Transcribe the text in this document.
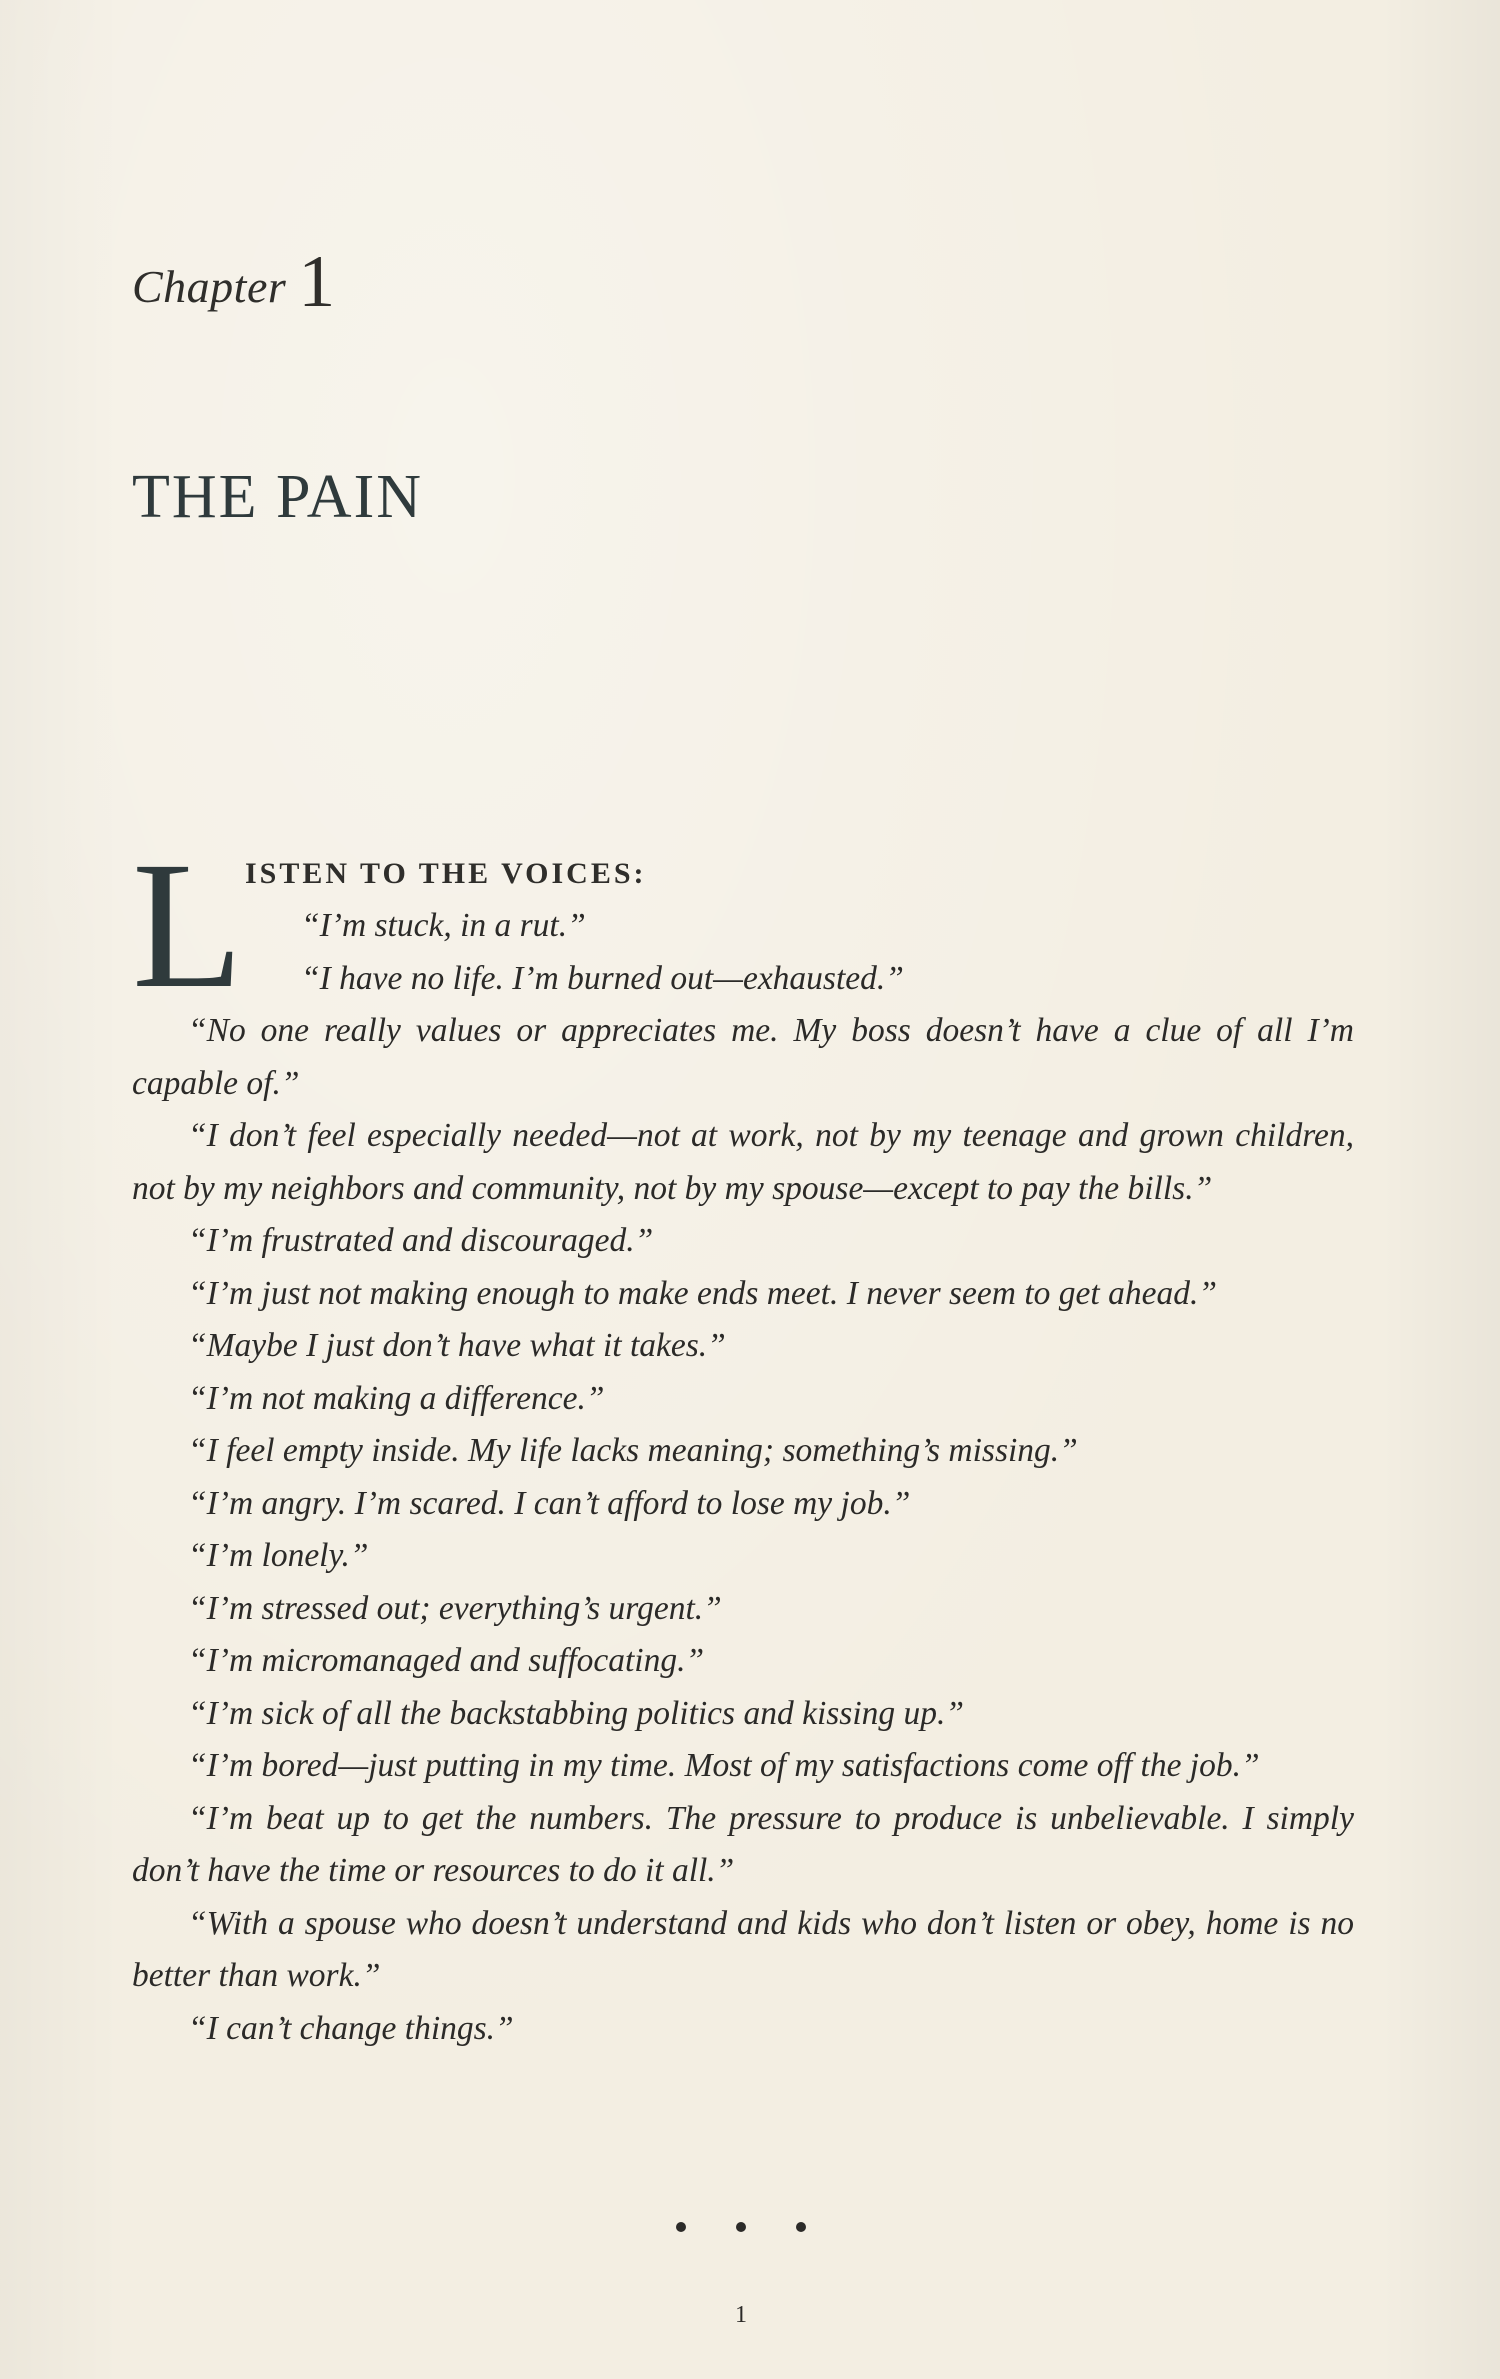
Chapter 1
THE PAIN
L ISTEN TO THE VOICES:

“I’m stuck, in a rut.”

“I have no life. I’m burned out—exhausted.”

“No one really values or appreciates me. My boss doesn’t have a clue of all I’m capable of.”

“I don’t feel especially needed—not at work, not by my teenage and grown children, not by my neighbors and community, not by my spouse—except to pay the bills.”

“I’m frustrated and discouraged.”

“I’m just not making enough to make ends meet. I never seem to get ahead.”

“Maybe I just don’t have what it takes.”

“I’m not making a difference.”

“I feel empty inside. My life lacks meaning; something’s missing.”

“I’m angry. I’m scared. I can’t afford to lose my job.”

“I’m lonely.”

“I’m stressed out; everything’s urgent.”

“I’m micromanaged and suffocating.”

“I’m sick of all the backstabbing politics and kissing up.”

“I’m bored—just putting in my time. Most of my satisfactions come off the job.”

“I’m beat up to get the numbers. The pressure to produce is unbelievable. I simply don’t have the time or resources to do it all.”

“With a spouse who doesn’t understand and kids who don’t listen or obey, home is no better than work.”

“I can’t change things.”

1
